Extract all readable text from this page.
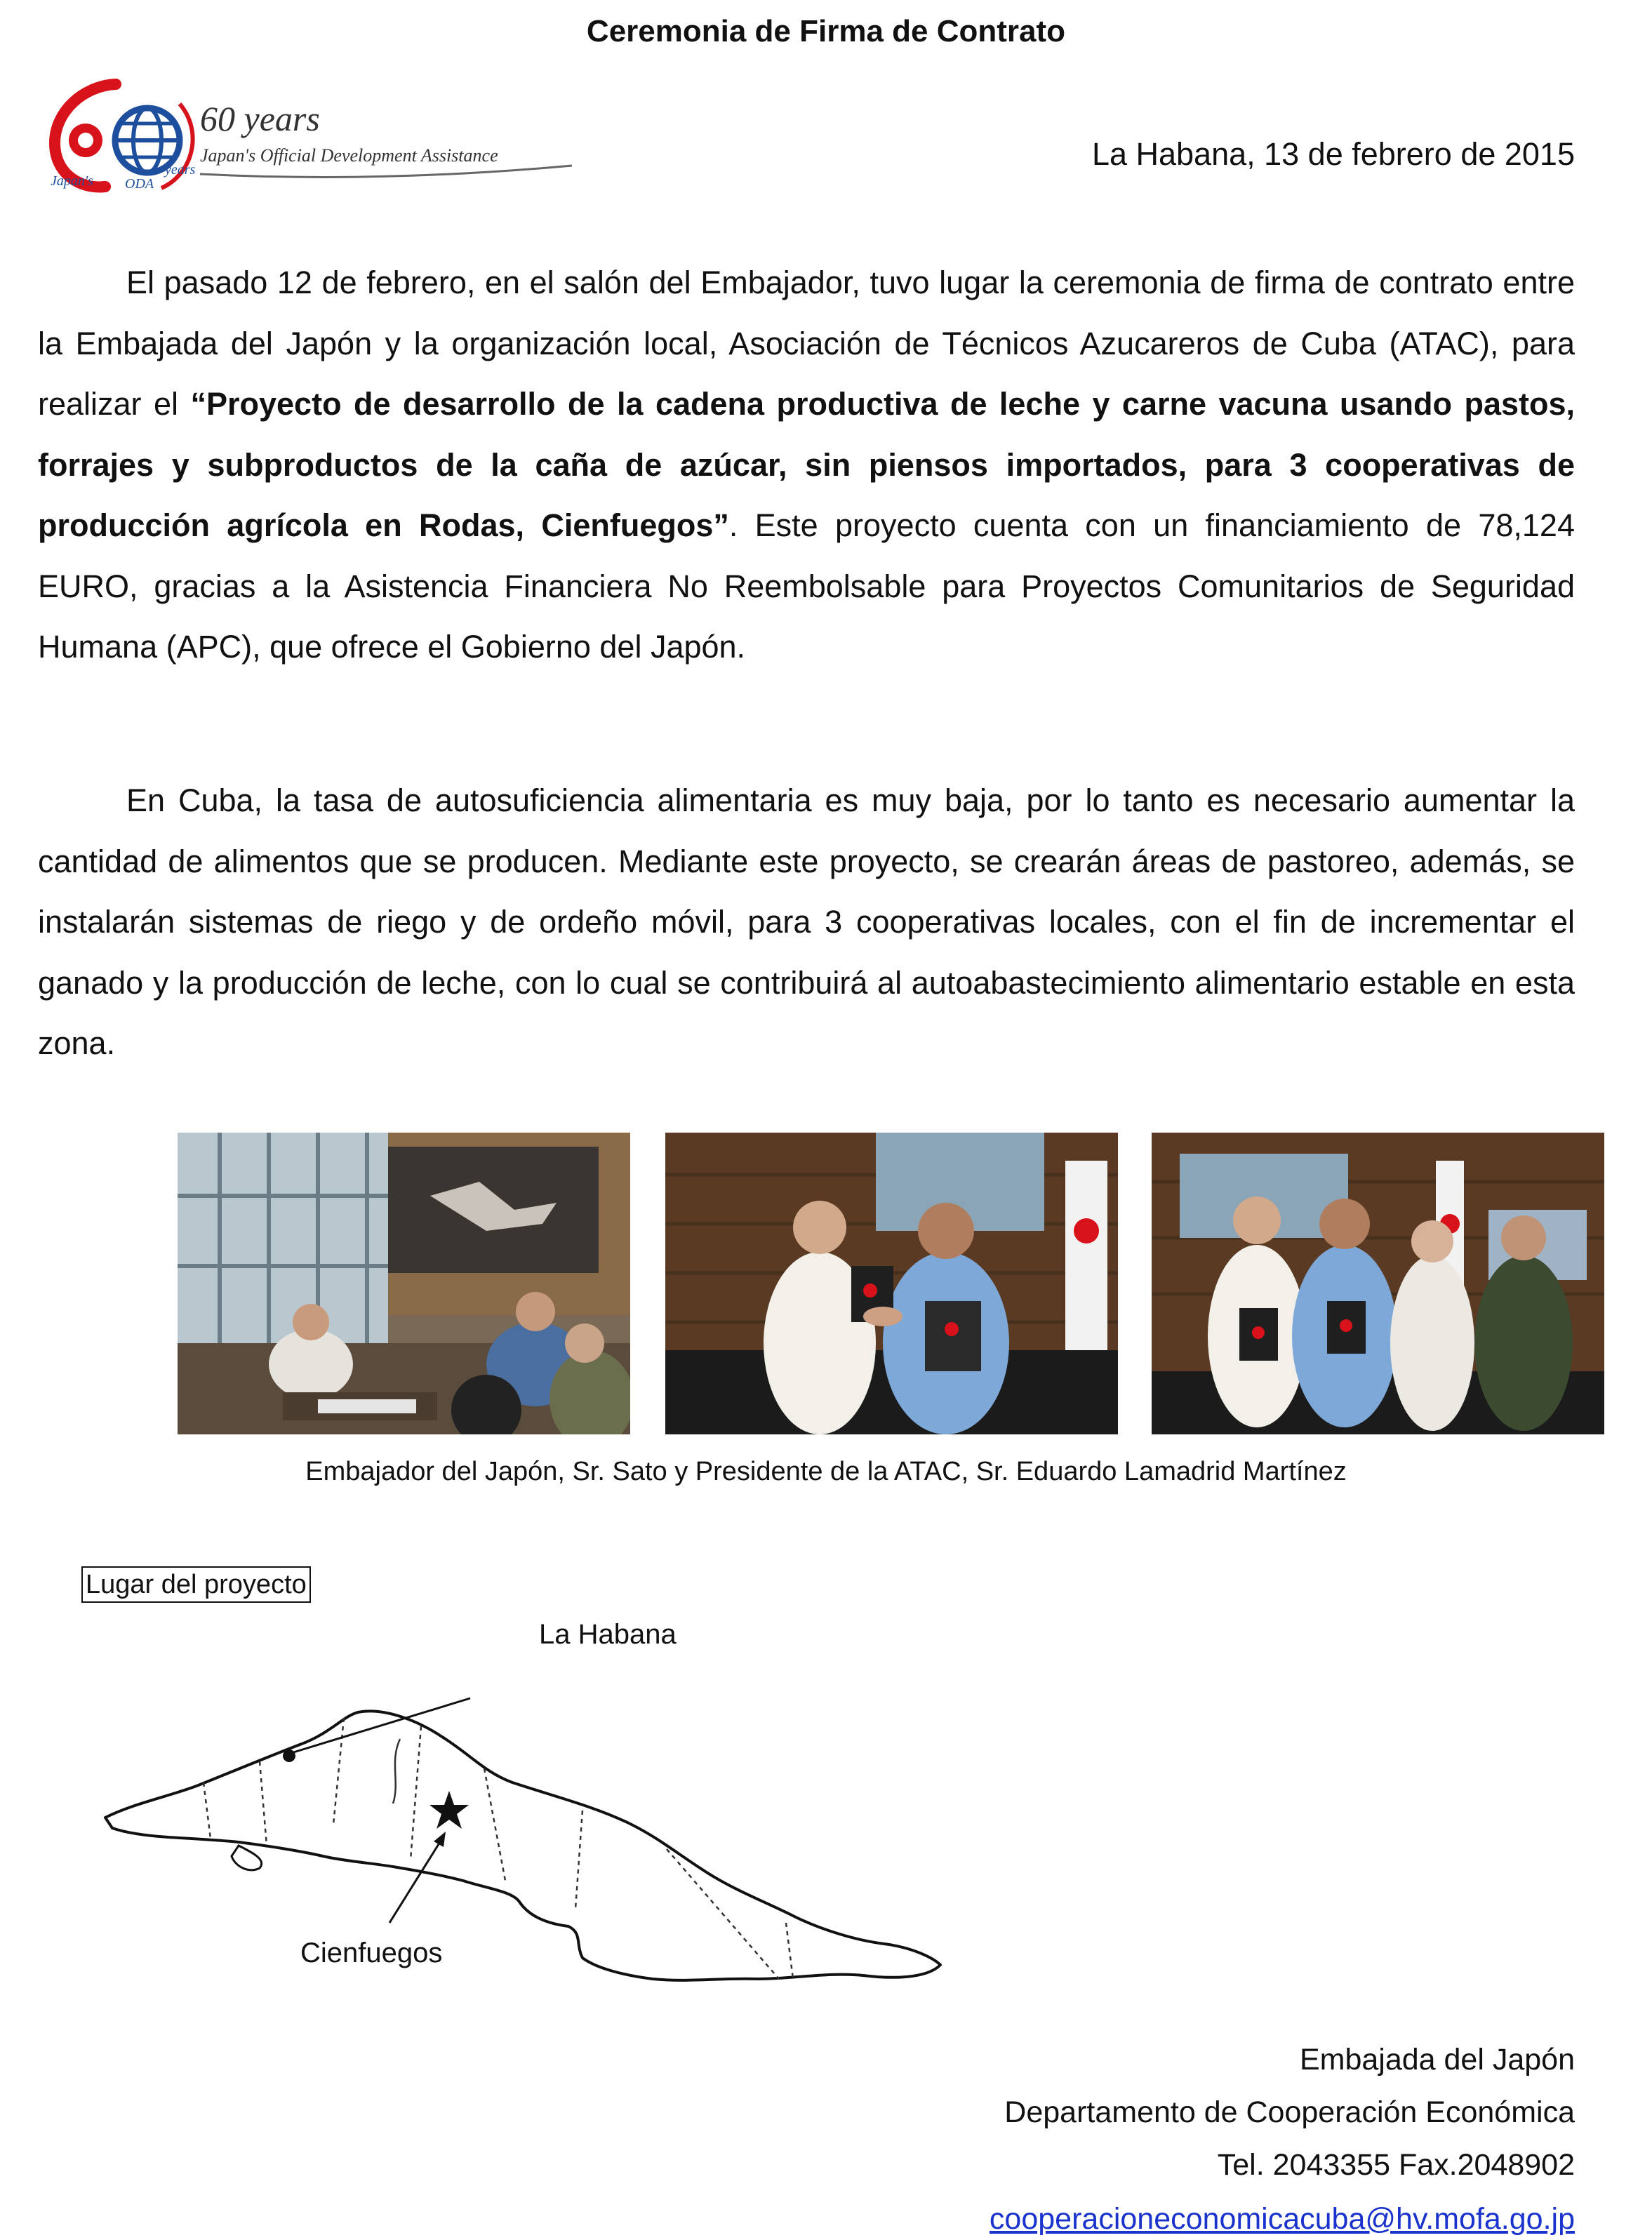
Ceremonia de Firma de Contrato
Japan's ODA
years
60 years
Japan's Official Development Assistance	La Habana, 13 de febrero de 2015

El pasado 12 de febrero, en el salón del Embajador, tuvo lugar la ceremonia de firma de contrato entre la Embajada del Japón y la organización local, Asociación de Técnicos Azucareros de Cuba (ATAC), para realizar el “Proyecto de desarrollo de la cadena productiva de leche y carne vacuna usando pastos, forrajes y subproductos de la caña de azúcar, sin piensos importados, para 3 cooperativas de producción agrícola en Rodas, Cienfuegos”. Este proyecto cuenta con un financiamiento de 78,124 EURO, gracias a la Asistencia Financiera No Reembolsable para Proyectos Comunitarios de Seguridad Humana (APC), que ofrece el Gobierno del Japón.

En Cuba, la tasa de autosuficiencia alimentaria es muy baja, por lo tanto es necesario aumentar la cantidad de alimentos que se producen. Mediante este proyecto, se crearán áreas de pastoreo, además, se instalarán sistemas de riego y de ordeño móvil, para 3 cooperativas locales, con el fin de incrementar el ganado y la producción de leche, con lo cual se contribuirá al autoabastecimiento alimentario estable en esta zona.

Embajador del Japón, Sr. Sato y Presidente de la ATAC, Sr. Eduardo Lamadrid Martínez
Lugar del proyecto
La Habana
Cienfuegos
Embajada del Japón
Departamento de Cooperación Económica
Tel. 2043355 Fax.2048902
cooperacioneconomicacuba@hv.mofa.go.jp
